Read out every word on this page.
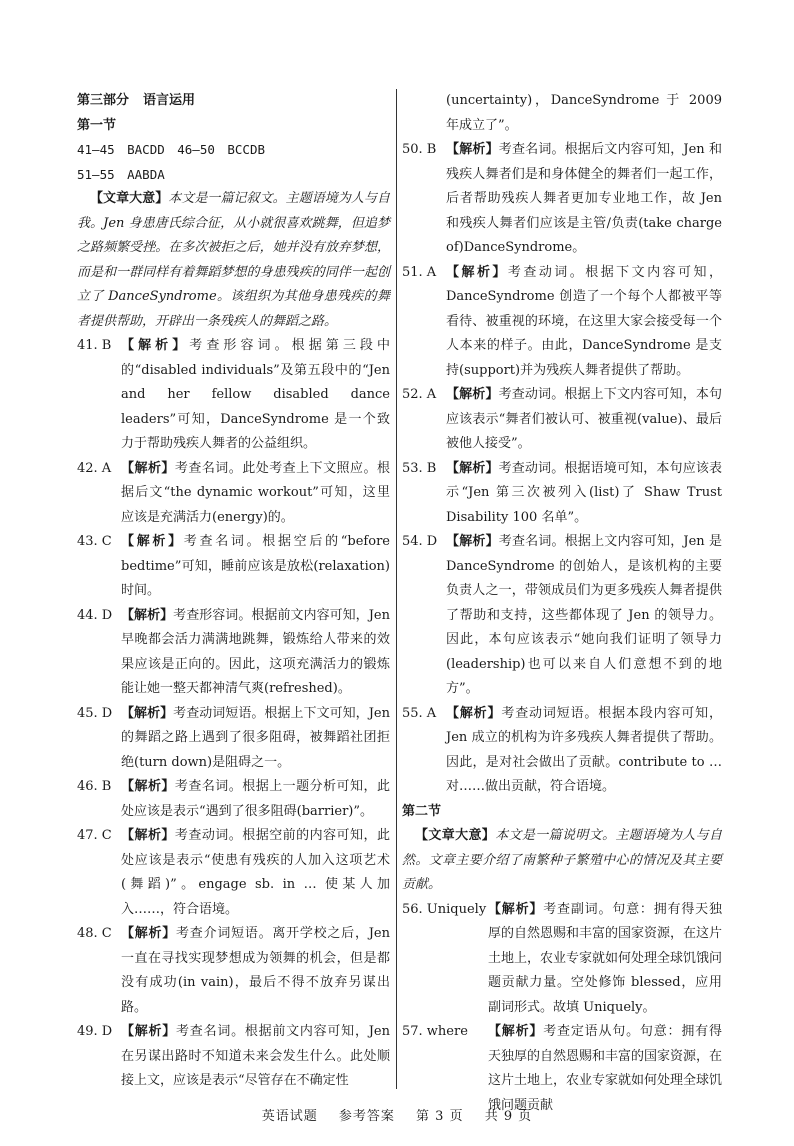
第三部分 语言运用
第一节
41—45　BACDD　46—50　BCCDB
51—55　AABDA
【文章大意】本文是一篇记叙文。主题语境为人与自我。Jen 身患唐氏综合征，从小就很喜欢跳舞，但追梦之路频繁受挫。在多次被拒之后，她并没有放弃梦想，而是和一群同样有着舞蹈梦想的身患残疾的同伴一起创立了 DanceSyndrome。该组织为其他身患残疾的舞者提供帮助，开辟出一条残疾人的舞蹈之路。
41. B 【解析】考查形容词。根据第三段中的“disabled individuals”及第五段中的“Jen and her fellow disabled dance leaders”可知，DanceSyndrome 是一个致力于帮助残疾人舞者的公益组织。
42. A 【解析】考查名词。此处考查上下文照应。根据后文“the dynamic workout”可知，这里应该是充满活力(energy)的。
43. C 【解析】考查名词。根据空后的“before bedtime”可知，睡前应该是放松(relaxation)时间。
44. D 【解析】考查形容词。根据前文内容可知，Jen 早晚都会活力满满地跳舞，锻炼给人带来的效果应该是正向的。因此，这项充满活力的锻炼能让她一整天都神清气爽(refreshed)。
45. D 【解析】考查动词短语。根据上下文可知，Jen 的舞蹈之路上遇到了很多阻碍，被舞蹈社团拒绝(turn down)是阻碍之一。
46. B 【解析】考查名词。根据上一题分析可知，此处应该是表示“遇到了很多阻碍(barrier)”。
47. C 【解析】考查动词。根据空前的内容可知，此处应该是表示“使患有残疾的人加入这项艺术(舞蹈)”。engage sb. in … 使某人加入……，符合语境。
48. C 【解析】考查介词短语。离开学校之后，Jen 一直在寻找实现梦想成为领舞的机会，但是都没有成功(in vain)，最后不得不放弃另谋出路。
49. D 【解析】考查名词。根据前文内容可知，Jen 在另谋出路时不知道未来会发生什么。此处顺接上文，应该是表示“尽管存在不确定性
(uncertainty)，DanceSyndrome 于 2009 年成立了”。
50. B 【解析】考查名词。根据后文内容可知，Jen 和残疾人舞者们是和身体健全的舞者们一起工作，后者帮助残疾人舞者更加专业地工作，故 Jen 和残疾人舞者们应该是主管/负责(take charge of)DanceSyndrome。
51. A 【解析】考查动词。根据下文内容可知，DanceSyndrome 创造了一个每个人都被平等看待、被重视的环境，在这里大家会接受每一个人本来的样子。由此，DanceSyndrome 是支持(support)并为残疾人舞者提供了帮助。
52. A 【解析】考查动词。根据上下文内容可知，本句应该表示“舞者们被认可、被重视(value)、最后被他人接受”。
53. B 【解析】考查动词。根据语境可知，本句应该表示“Jen 第三次被列入(list)了 Shaw Trust Disability 100 名单”。
54. D 【解析】考查名词。根据上文内容可知，Jen 是 DanceSyndrome 的创始人，是该机构的主要负责人之一，带领成员们为更多残疾人舞者提供了帮助和支持，这些都体现了 Jen 的领导力。因此，本句应该表示“她向我们证明了领导力(leadership)也可以来自人们意想不到的地方”。
55. A 【解析】考查动词短语。根据本段内容可知，Jen 成立的机构为许多残疾人舞者提供了帮助。因此，是对社会做出了贡献。contribute to … 对……做出贡献，符合语境。
第二节
【文章大意】本文是一篇说明文。主题语境为人与自然。文章主要介绍了南繁种子繁殖中心的情况及其主要贡献。
56. Uniquely 【解析】考查副词。句意：拥有得天独厚的自然恩赐和丰富的国家资源，在这片土地上，农业专家就如何处理全球饥饿问题贡献力量。空处修饰 blessed，应用副词形式。故填 Uniquely。
57. where	【解析】考查定语从句。句意：拥有得天独厚的自然恩赐和丰富的国家资源，在这片土地上，农业专家就如何处理全球饥饿问题贡献
英语试题 参考答案 第 3 页 共 9 页
